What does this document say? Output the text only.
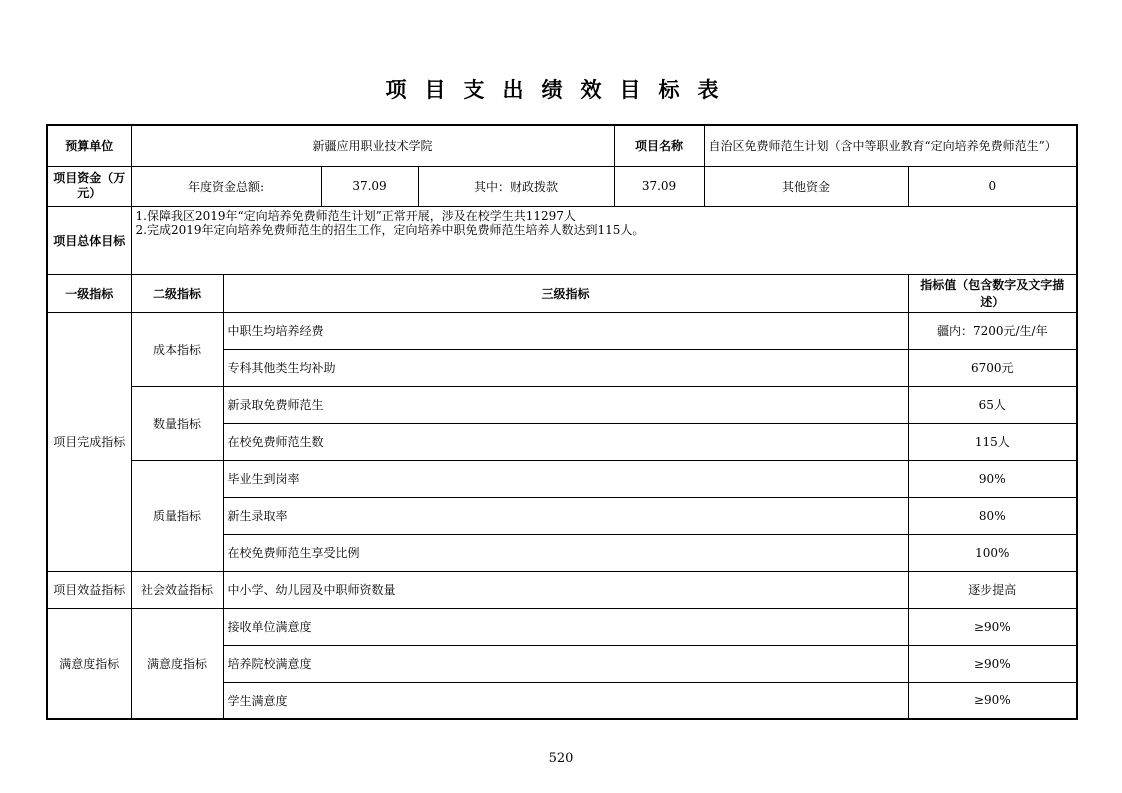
项目支出绩效目标表
预算单位	新疆应用职业技术学院				项目名称	自治区免费师范生计划（含中等职业教育“定向培养免费师范生”）	
项目资金（万元）	年度资金总额:		37.09	其中：财政拨款	37.09	其他资金	0
项目总体目标	1.保障我区2019年“定向培养免费师范生计划”正常开展，涉及在校学生共11297人
2.完成2019年定向培养免费师范生的招生工作，定向培养中职免费师范生培养人数达到115人。						

一级指标	二级指标	三级指标					指标值（包含数字及文字描述）
项目完成指标	成本指标	中职生均培养经费					疆内：7200元/生/年
		专科其他类生均补助					6700元
	数量指标	新录取免费师范生					65人
		在校免费师范生数					115人
	质量指标	毕业生到岗率					90%
		新生录取率					80%
		在校免费师范生享受比例					100%
项目效益指标	社会效益指标	中小学、幼儿园及中职师资数量					逐步提高
满意度指标	满意度指标	接收单位满意度					≥90%
		培养院校满意度					≥90%
		学生满意度					≥90%
520
